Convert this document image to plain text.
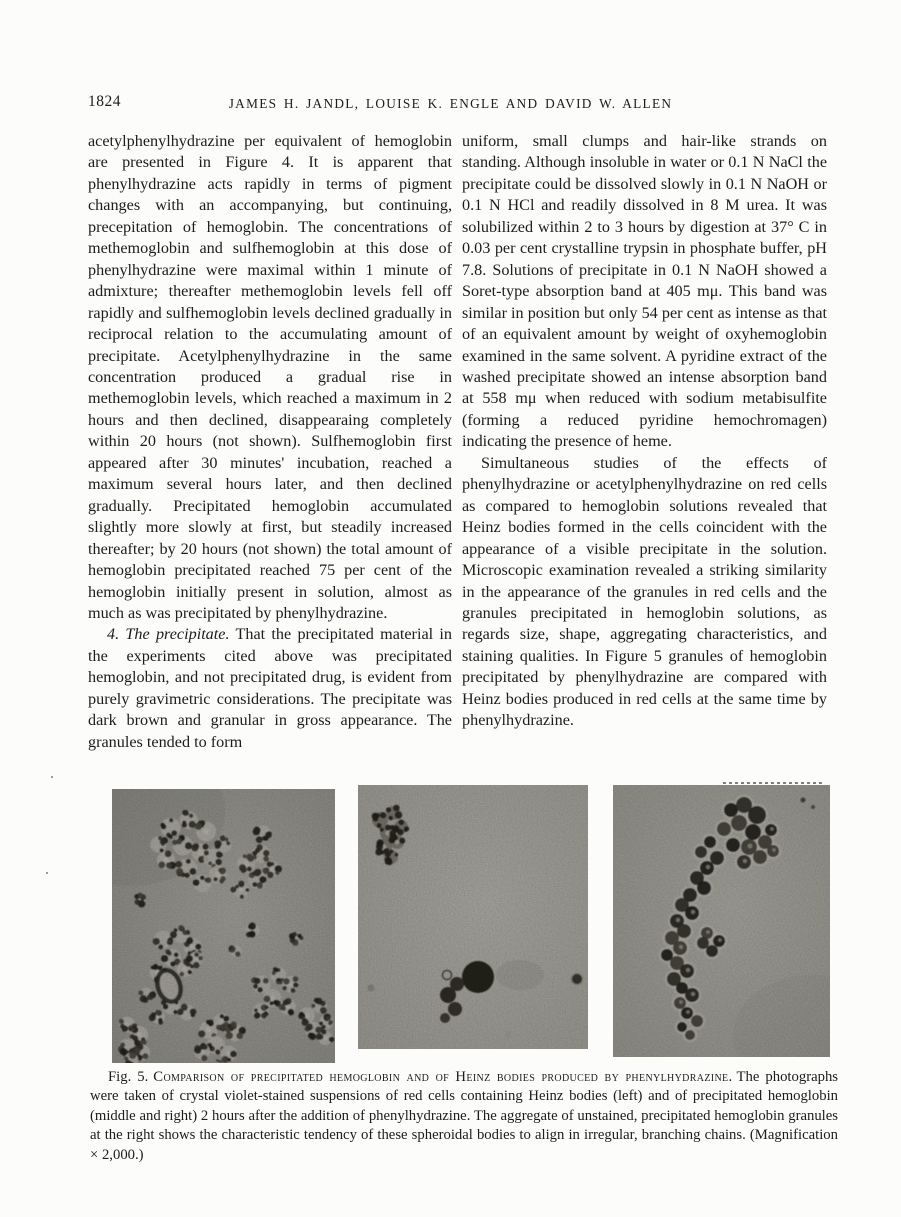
1824	JAMES H. JANDL, LOUISE K. ENGLE AND DAVID W. ALLEN

acetylphenylhydrazine per equivalent of hemoglobin are presented in Figure 4. It is apparent that phenylhydrazine acts rapidly in terms of pigment changes with an accompanying, but continuing, precepitation of hemoglobin. The concentrations of methemoglobin and sulfhemoglobin at this dose of phenylhydrazine were maximal within 1 minute of admixture; thereafter methemoglobin levels fell off rapidly and sulfhemoglobin levels declined gradually in reciprocal relation to the accumulating amount of precipitate. Acetylphenylhydrazine in the same concentration produced a gradual rise in methemoglobin levels, which reached a maximum in 2 hours and then declined, disappearaing completely within 20 hours (not shown). Sulfhemoglobin first appeared after 30 minutes' incubation, reached a maximum several hours later, and then declined gradually. Precipitated hemoglobin accumulated slightly more slowly at first, but steadily increased thereafter; by 20 hours (not shown) the total amount of hemoglobin precipitated reached 75 per cent of the hemoglobin initially present in solution, almost as much as was precipitated by phenylhydrazine.

4. The precipitate. That the precipitated material in the experiments cited above was precipitated hemoglobin, and not precipitated drug, is evident from purely gravimetric considerations. The precipitate was dark brown and granular in gross appearance. The granules tended to form

uniform, small clumps and hair-like strands on standing. Although insoluble in water or 0.1 N NaCl the precipitate could be dissolved slowly in 0.1 N NaOH or 0.1 N HCl and readily dissolved in 8 M urea. It was solubilized within 2 to 3 hours by digestion at 37° C in 0.03 per cent crystalline trypsin in phosphate buffer, pH 7.8. Solutions of precipitate in 0.1 N NaOH showed a Soret-type absorption band at 405 mμ. This band was similar in position but only 54 per cent as intense as that of an equivalent amount by weight of oxyhemoglobin examined in the same solvent. A pyridine extract of the washed precipitate showed an intense absorption band at 558 mμ when reduced with sodium metabisulfite (forming a reduced pyridine hemochromagen) indicating the presence of heme.

Simultaneous studies of the effects of phenylhydrazine or acetylphenylhydrazine on red cells as compared to hemoglobin solutions revealed that Heinz bodies formed in the cells coincident with the appearance of a visible precipitate in the solution. Microscopic examination revealed a striking similarity in the appearance of the granules in red cells and the granules precipitated in hemoglobin solutions, as regards size, shape, aggregating characteristics, and staining qualities. In Figure 5 granules of hemoglobin precipitated by phenylhydrazine are compared with Heinz bodies produced in red cells at the same time by phenylhydrazine.

Fig. 5. Comparison of precipitated hemoglobin and of Heinz bodies produced by phenylhydrazine. The photographs were taken of crystal violet-stained suspensions of red cells containing Heinz bodies (left) and of precipitated hemoglobin (middle and right) 2 hours after the addition of phenylhydrazine. The aggregate of unstained, precipitated hemoglobin granules at the right shows the characteristic tendency of these spheroidal bodies to align in irregular, branching chains. (Magnification × 2,000.)
